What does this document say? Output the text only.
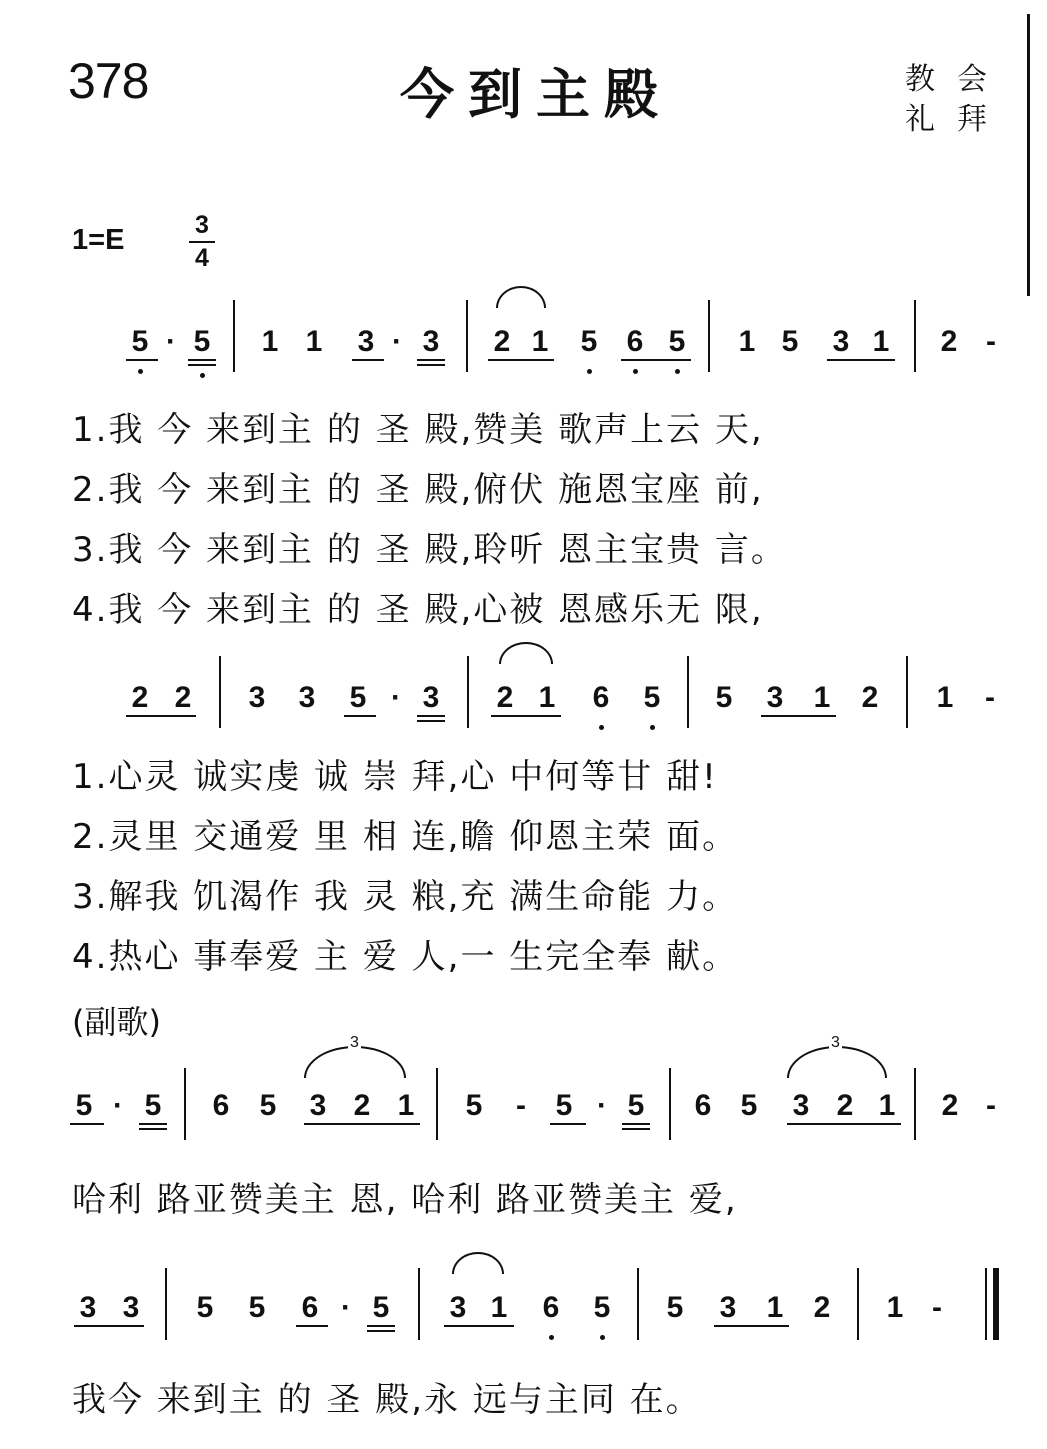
378	今到主殿	教会
礼拜
1=E	3
4
5 · 5 1 1 3 · 3 2 1 5 6 5 1 5 3 1 2 -
1.我 今 来到主 的 圣 殿,赞美 歌声上云 天,
2.我 今 来到主 的 圣 殿,俯伏 施恩宝座 前,
3.我 今 来到主 的 圣 殿,聆听 恩主宝贵 言。
4.我 今 来到主 的 圣 殿,心被 恩感乐无 限,
2 2 3 3 5 · 3 2 1 6 5 5 3 1 2 1 -
1.心灵 诚实虔 诚 崇 拜,心 中何等甘 甜!
2.灵里 交通爱 里 相 连,瞻 仰恩主荣 面。
3.解我 饥渴作 我 灵 粮,充 满生命能 力。
4.热心 事奉爱 主 爱 人,一 生完全奉 献。
(副歌)
5 · 5 6 5 3 2 1 5 - 5 · 5 6 5 3 2 1 2 -
3	3
哈利 路亚赞美主 恩, 哈利 路亚赞美主 爱,
3 3 5 5 6 · 5 3 1 6 5 5 3 1 2 1 -
我今 来到主 的 圣 殿,永 远与主同 在。
